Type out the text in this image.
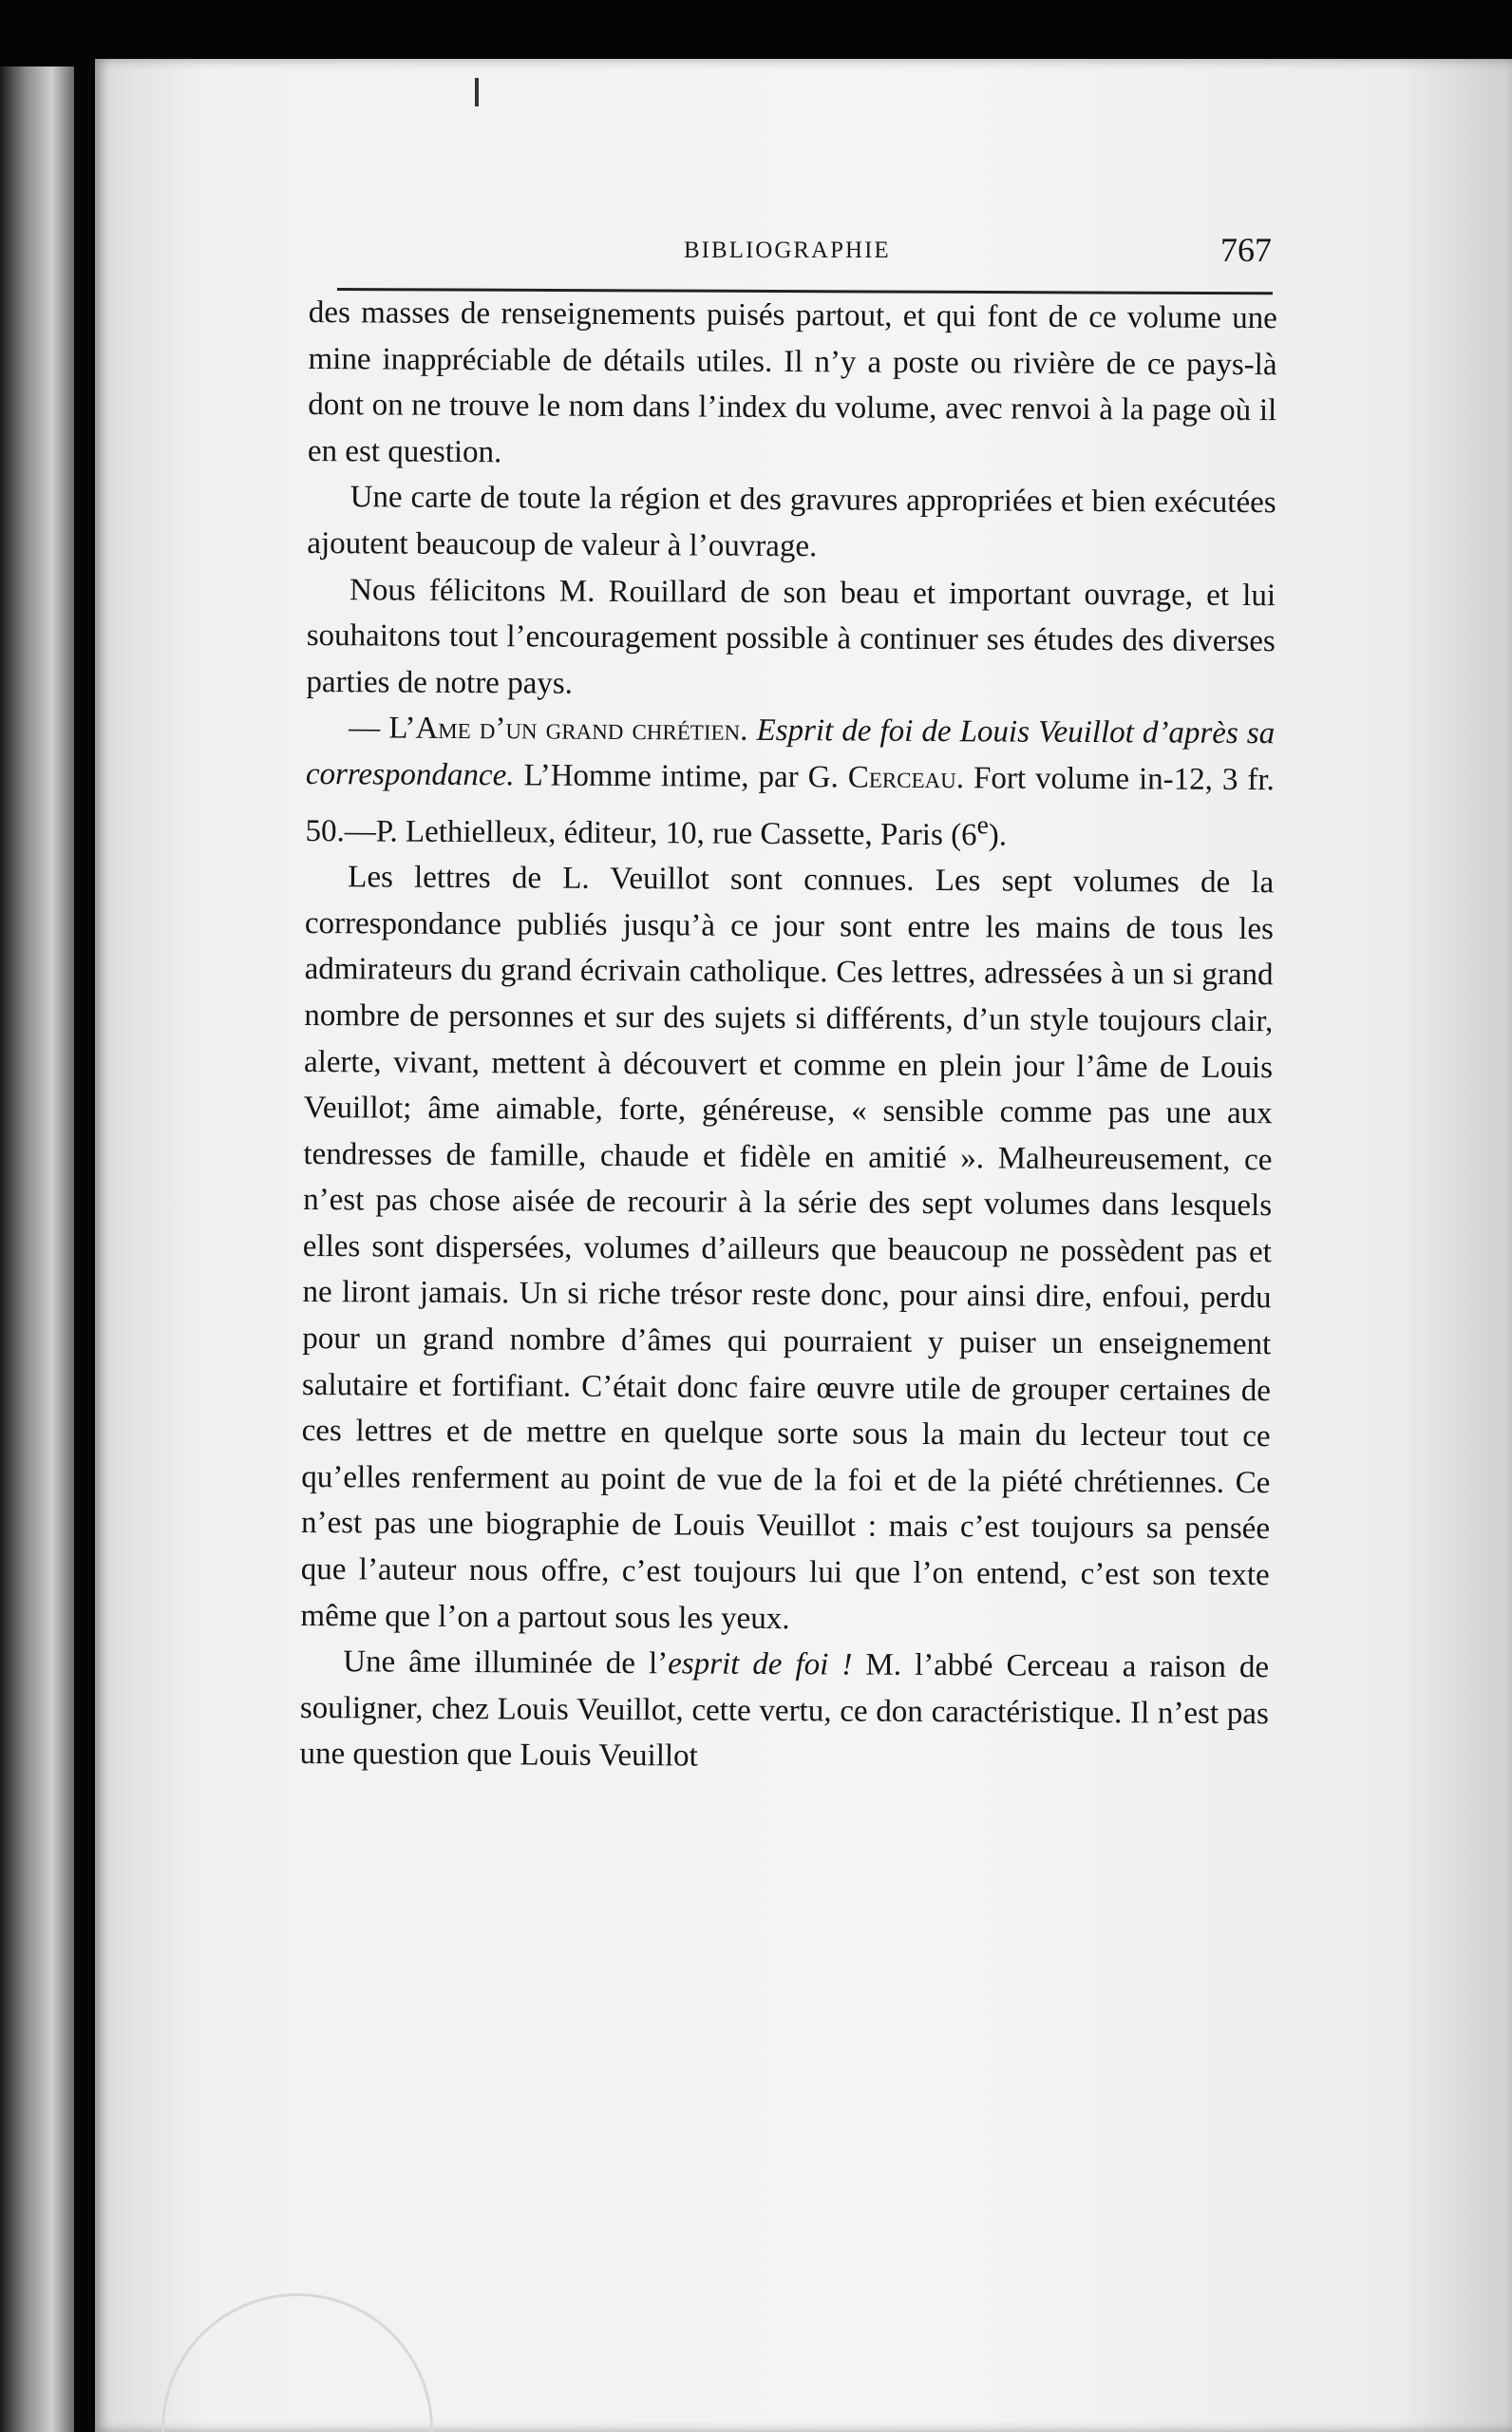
BIBLIOGRAPHIE	767

des masses de renseignements puisés partout, et qui font de ce volume une mine inappréciable de détails utiles. Il n’y a poste ou rivière de ce pays-là dont on ne trouve le nom dans l’index du volume, avec renvoi à la page où il en est question.

Une carte de toute la région et des gravures appropriées et bien exécutées ajoutent beaucoup de valeur à l’ouvrage.

Nous félicitons M. Rouillard de son beau et important ouvrage, et lui souhaitons tout l’encouragement possible à continuer ses études des diverses parties de notre pays.

— L’Ame d’un grand chrétien. Esprit de foi de Louis Veuillot d’après sa correspondance. L’Homme intime, par G. Cerceau. Fort volume in-12, 3 fr. 50.—P. Lethielleux, éditeur, 10, rue Cassette, Paris (6e).

Les lettres de L. Veuillot sont connues. Les sept volumes de la correspondance publiés jusqu’à ce jour sont entre les mains de tous les admirateurs du grand écrivain catholique. Ces lettres, adressées à un si grand nombre de personnes et sur des sujets si différents, d’un style toujours clair, alerte, vivant, mettent à découvert et comme en plein jour l’âme de Louis Veuillot; âme aimable, forte, généreuse, « sensible comme pas une aux tendresses de famille, chaude et fidèle en amitié ». Malheureusement, ce n’est pas chose aisée de recourir à la série des sept volumes dans lesquels elles sont dispersées, volumes d’ailleurs que beaucoup ne possèdent pas et ne liront jamais. Un si riche trésor reste donc, pour ainsi dire, enfoui, perdu pour un grand nombre d’âmes qui pourraient y puiser un enseignement salutaire et fortifiant. C’était donc faire œuvre utile de grouper certaines de ces lettres et de mettre en quelque sorte sous la main du lecteur tout ce qu’elles renferment au point de vue de la foi et de la piété chrétiennes. Ce n’est pas une biographie de Louis Veuillot : mais c’est toujours sa pensée que l’auteur nous offre, c’est toujours lui que l’on entend, c’est son texte même que l’on a partout sous les yeux.

Une âme illuminée de l’esprit de foi ! M. l’abbé Cerceau a raison de souligner, chez Louis Veuillot, cette vertu, ce don caractéristique. Il n’est pas une question que Louis Veuillot
